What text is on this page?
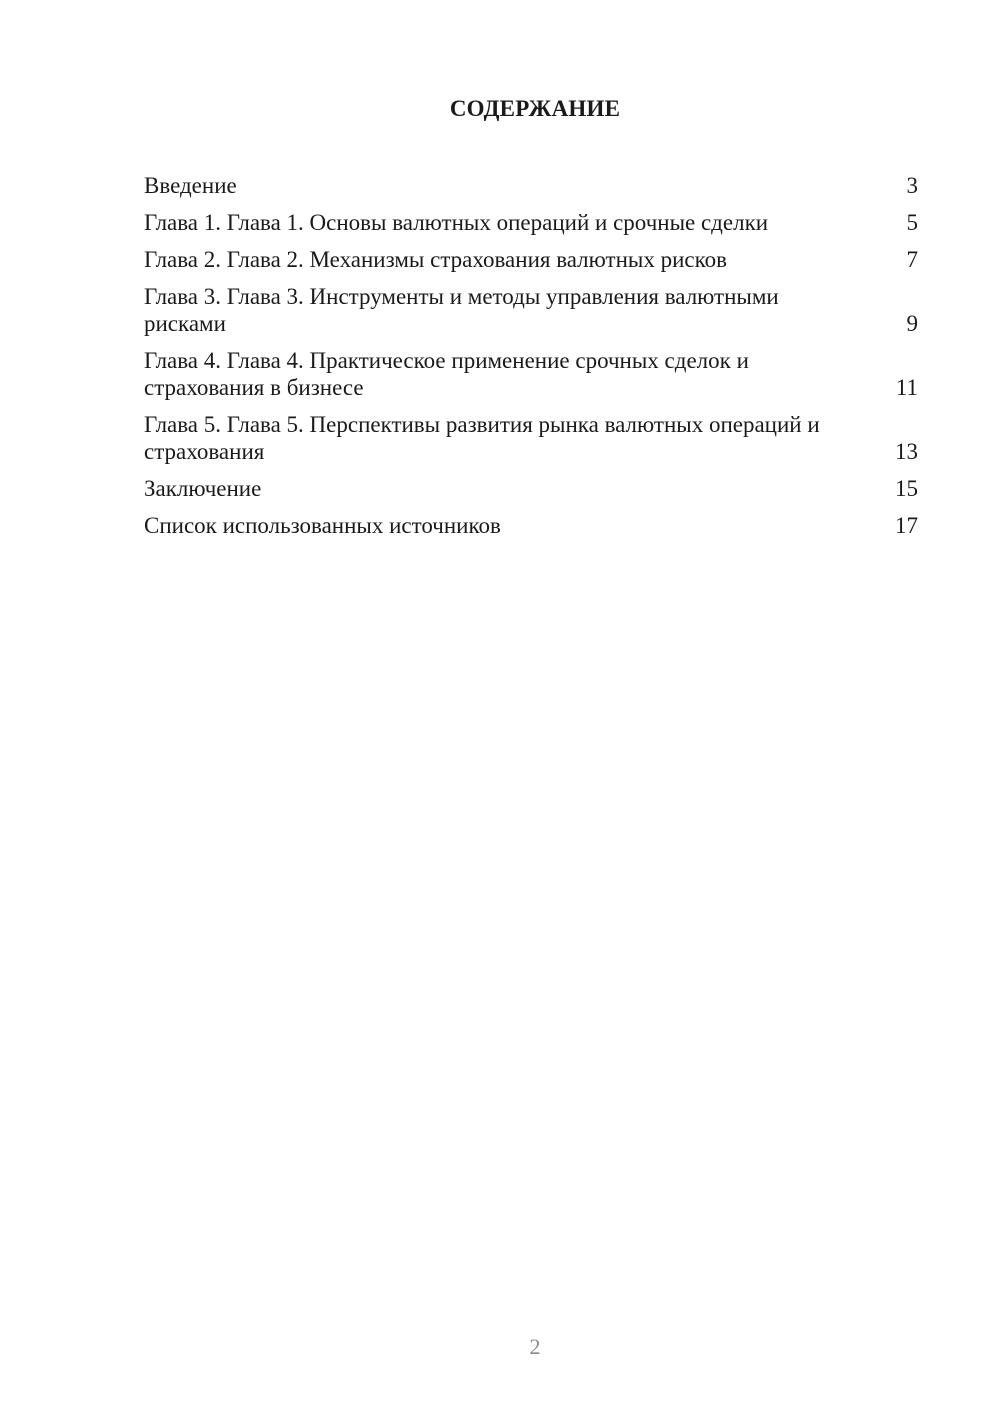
СОДЕРЖАНИЕ
Введение	3
Глава 1. Глава 1. Основы валютных операций и срочные сделки	5
Глава 2. Глава 2. Механизмы страхования валютных рисков	7
Глава 3. Глава 3. Инструменты и методы управления валютными рисками	9
Глава 4. Глава 4. Практическое применение срочных сделок и страхования в бизнесе	11
Глава 5. Глава 5. Перспективы развития рынка валютных операций и страхования	13
Заключение	15
Список использованных источников	17
2
